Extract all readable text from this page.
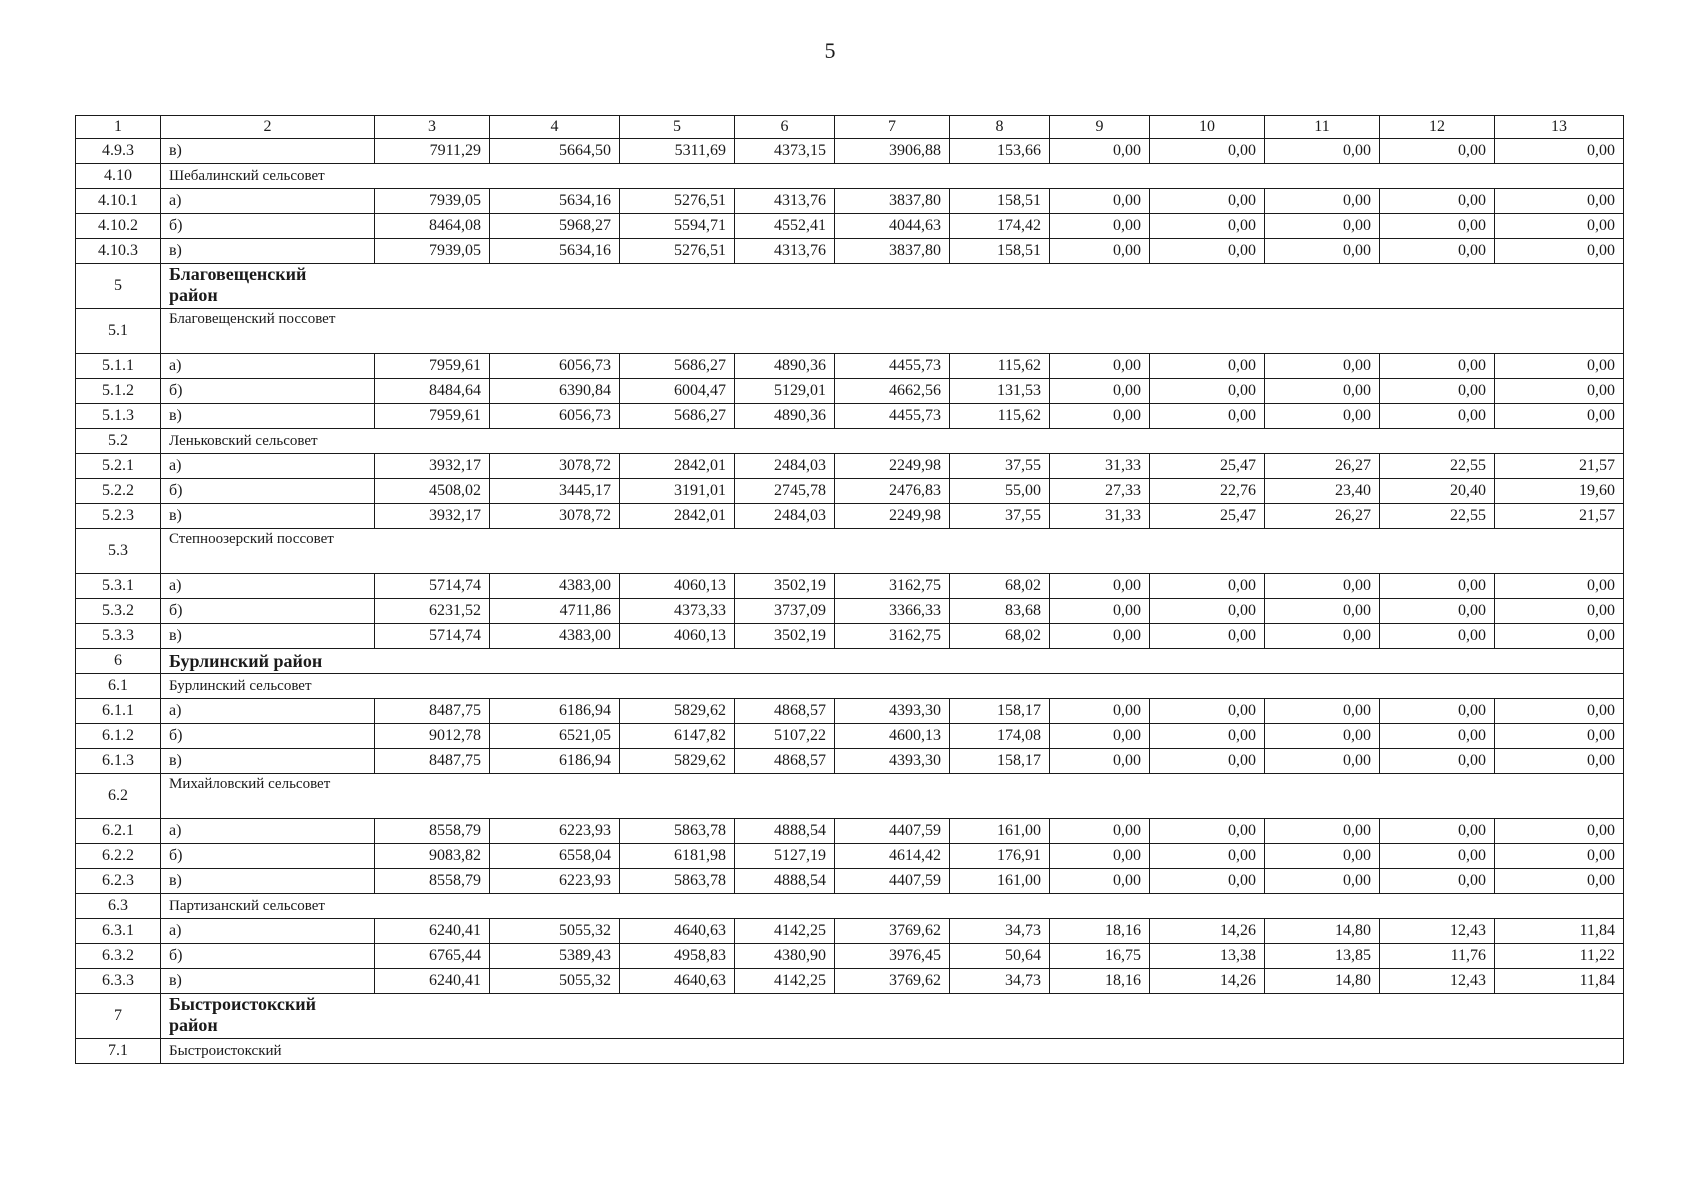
5
1	2	3	4	5	6	7	8	9	10	11	12	13
4.9.3	в)	7911,29	5664,50	5311,69	4373,15	3906,88	153,66	0,00	0,00	0,00	0,00	0,00
4.10	Шебалинский сельсовет											
4.10.1	а)	7939,05	5634,16	5276,51	4313,76	3837,80	158,51	0,00	0,00	0,00	0,00	0,00
4.10.2	б)	8464,08	5968,27	5594,71	4552,41	4044,63	174,42	0,00	0,00	0,00	0,00	0,00
4.10.3	в)	7939,05	5634,16	5276,51	4313,76	3837,80	158,51	0,00	0,00	0,00	0,00	0,00
5	Благовещенский район											

5.1	Благовещенский поссовет											

5.1.1	а)	7959,61	6056,73	5686,27	4890,36	4455,73	115,62	0,00	0,00	0,00	0,00	0,00
5.1.2	б)	8484,64	6390,84	6004,47	5129,01	4662,56	131,53	0,00	0,00	0,00	0,00	0,00
5.1.3	в)	7959,61	6056,73	5686,27	4890,36	4455,73	115,62	0,00	0,00	0,00	0,00	0,00
5.2	Леньковский сельсовет											
5.2.1	а)	3932,17	3078,72	2842,01	2484,03	2249,98	37,55	31,33	25,47	26,27	22,55	21,57
5.2.2	б)	4508,02	3445,17	3191,01	2745,78	2476,83	55,00	27,33	22,76	23,40	20,40	19,60
5.2.3	в)	3932,17	3078,72	2842,01	2484,03	2249,98	37,55	31,33	25,47	26,27	22,55	21,57
5.3	Степноозерский поссовет											

5.3.1	а)	5714,74	4383,00	4060,13	3502,19	3162,75	68,02	0,00	0,00	0,00	0,00	0,00
5.3.2	б)	6231,52	4711,86	4373,33	3737,09	3366,33	83,68	0,00	0,00	0,00	0,00	0,00
5.3.3	в)	5714,74	4383,00	4060,13	3502,19	3162,75	68,02	0,00	0,00	0,00	0,00	0,00
6	Бурлинский район											
6.1	Бурлинский сельсовет											
6.1.1	а)	8487,75	6186,94	5829,62	4868,57	4393,30	158,17	0,00	0,00	0,00	0,00	0,00
6.1.2	б)	9012,78	6521,05	6147,82	5107,22	4600,13	174,08	0,00	0,00	0,00	0,00	0,00
6.1.3	в)	8487,75	6186,94	5829,62	4868,57	4393,30	158,17	0,00	0,00	0,00	0,00	0,00
6.2	Михайловский сельсовет											

6.2.1	а)	8558,79	6223,93	5863,78	4888,54	4407,59	161,00	0,00	0,00	0,00	0,00	0,00
6.2.2	б)	9083,82	6558,04	6181,98	5127,19	4614,42	176,91	0,00	0,00	0,00	0,00	0,00
6.2.3	в)	8558,79	6223,93	5863,78	4888,54	4407,59	161,00	0,00	0,00	0,00	0,00	0,00
6.3	Партизанский сельсовет											
6.3.1	а)	6240,41	5055,32	4640,63	4142,25	3769,62	34,73	18,16	14,26	14,80	12,43	11,84
6.3.2	б)	6765,44	5389,43	4958,83	4380,90	3976,45	50,64	16,75	13,38	13,85	11,76	11,22
6.3.3	в)	6240,41	5055,32	4640,63	4142,25	3769,62	34,73	18,16	14,26	14,80	12,43	11,84
7	Быстроистокский район											

7.1	Быстроистокский											
